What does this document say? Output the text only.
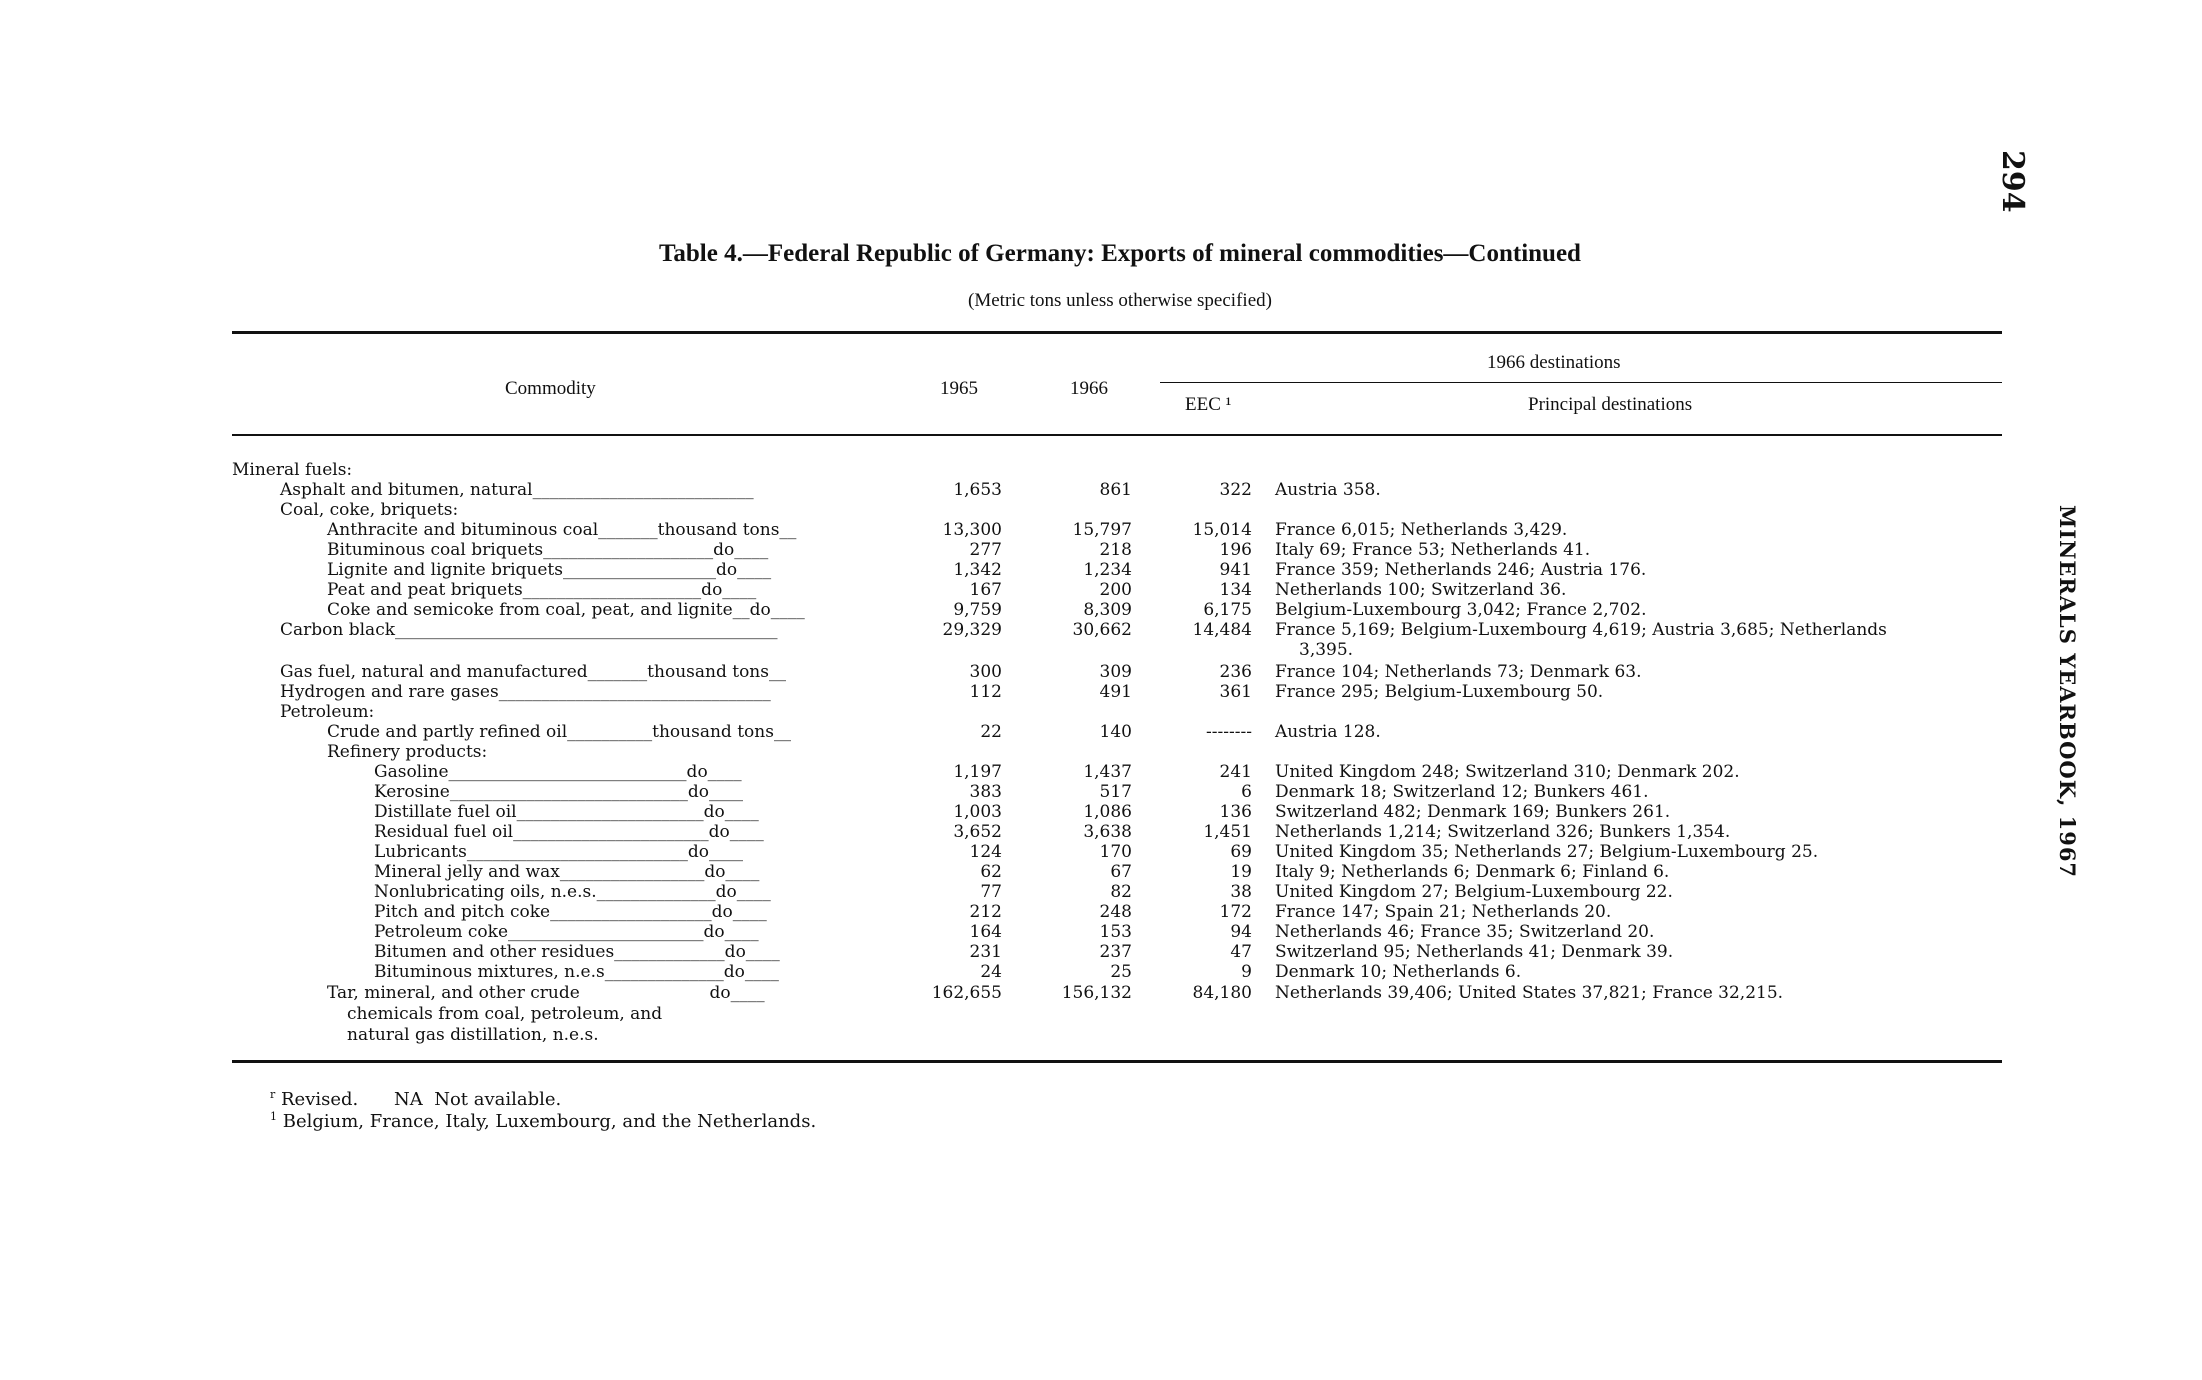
294
MINERALS YEARBOOK, 1967
Table 4.—Federal Republic of Germany: Exports of mineral commodities—Continued
(Metric tons unless otherwise specified)
Commodity	1965	1966
1966 destinations
EEC ¹	Principal destinations
Mineral fuels:
Asphalt and bitumen, natural__________________________	1,653	861	322 Austria 358.
Coal, coke, briquets:
Anthracite and bituminous coal_______thousand tons__	13,300	15,797	15,014 France 6,015; Netherlands 3,429.
Bituminous coal briquets____________________do____	277	218	196 Italy 69; France 53; Netherlands 41.
Lignite and lignite briquets__________________do____	1,342	1,234	941 France 359; Netherlands 246; Austria 176.
Peat and peat briquets_____________________do____	167	200	134 Netherlands 100; Switzerland 36.
Coke and semicoke from coal, peat, and lignite__do____	9,759	8,309	6,175 Belgium-Luxembourg 3,042; France 2,702.
Carbon black_____________________________________________	29,329	30,662	14,484 France 5,169; Belgium-Luxembourg 4,619; Austria 3,685; Netherlands
3,395.
Gas fuel, natural and manufactured_______thousand tons__	300	309	236 France 104; Netherlands 73; Denmark 63.
Hydrogen and rare gases________________________________	112	491	361 France 295; Belgium-Luxembourg 50.
Petroleum:
Crude and partly refined oil__________thousand tons__	22	140	-------- Austria 128.
Refinery products:
Gasoline____________________________do____	1,197	1,437	241 United Kingdom 248; Switzerland 310; Denmark 202.
Kerosine____________________________do____	383	517	6 Denmark 18; Switzerland 12; Bunkers 461.
Distillate fuel oil______________________do____	1,003	1,086	136 Switzerland 482; Denmark 169; Bunkers 261.
Residual fuel oil_______________________do____	3,652	3,638	1,451 Netherlands 1,214; Switzerland 326; Bunkers 1,354.
Lubricants__________________________do____	124	170	69 United Kingdom 35; Netherlands 27; Belgium-Luxembourg 25.
Mineral jelly and wax_________________do____	62	67	19 Italy 9; Netherlands 6; Denmark 6; Finland 6.
Nonlubricating oils, n.e.s.______________do____	77	82	38 United Kingdom 27; Belgium-Luxembourg 22.
Pitch and pitch coke___________________do____	212	248	172 France 147; Spain 21; Netherlands 20.
Petroleum coke_______________________do____	164	153	94 Netherlands 46; France 35; Switzerland 20.
Bitumen and other residues_____________do____	231	237	47 Switzerland 95; Netherlands 41; Denmark 39.
Bituminous mixtures, n.e.s______________do____	24	25	9 Denmark 10; Netherlands 6.
Tar, mineral, and other crude                        do____	162,655	156,132	84,180 Netherlands 39,406; United States 37,821; France 32,215.
chemicals from coal, petroleum, and
natural gas distillation, n.e.s.
$^r$ Revised. NA  Not available.
$^1$ Belgium, France, Italy, Luxembourg, and the Netherlands.
